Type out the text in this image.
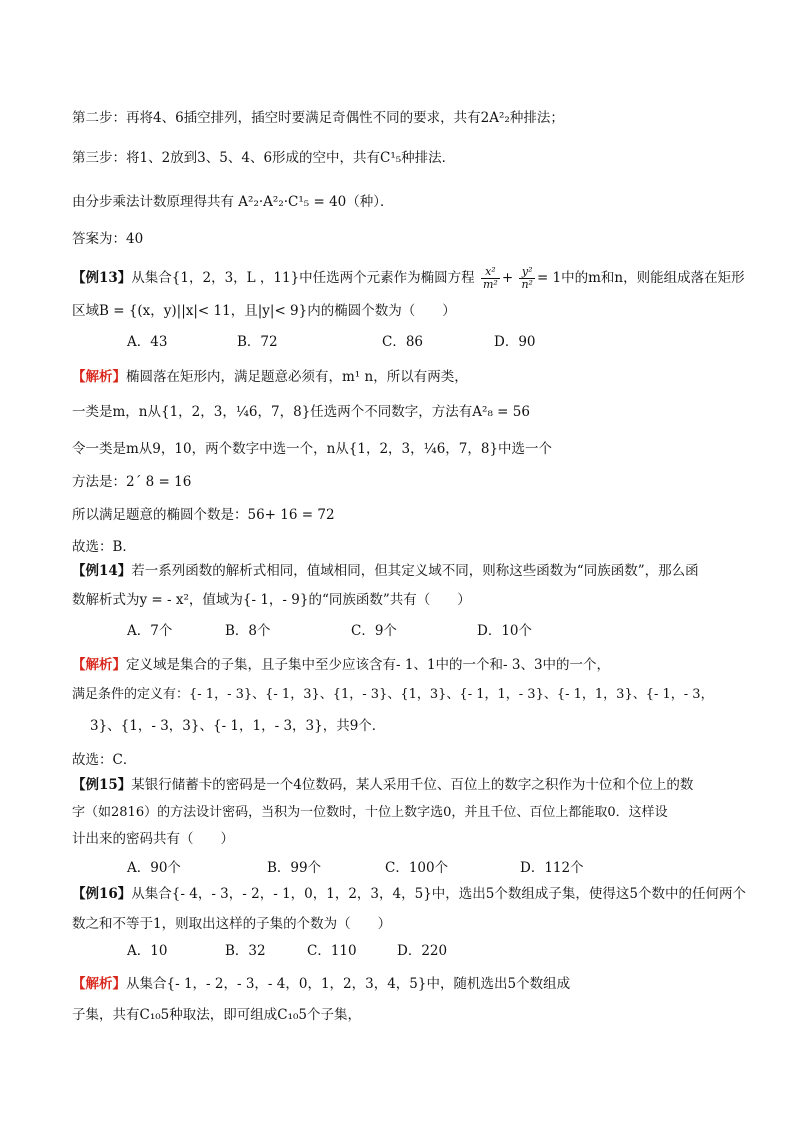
第二步：再将4、6插空排列，插空时要满足奇偶性不同的要求，共有2A²₂种排法；
第三步：将1、2放到3、5、4、6形成的空中，共有C¹₅种排法．
由分步乘法计数原理得共有 A²₂·A²₂·C¹₅ = 40（种）．
答案为：40
【例13】从集合{1，2，3，L ，11}中任选两个元素作为椭圆方程 $\frac{\text{x²}}{\text{m²}} + \frac{\text{y²}}{\text{n²}} = 1$中的m和n，则能组成落在矩形
区域B = {(x，y)||x|< 11，且|y|< 9}内的椭圆个数为（　　）
A．43	B．72	C．86	D．90
【解析】椭圆落在矩形内，满足题意必须有，m¹ n，所以有两类，
一类是m，n从{1，2，3，¼6，7，8}任选两个不同数字，方法有A²₈ = 56
令一类是m从9，10，两个数字中选一个，n从{1，2，3，¼6，7，8}中选一个
方法是：2´ 8 = 16
所以满足题意的椭圆个数是：56+ 16 = 72
故选：B．
【例14】若一系列函数的解析式相同，值域相同，但其定义域不同，则称这些函数为“同族函数”，那么函
数解析式为y = - x²，值域为{- 1，- 9}的“同族函数”共有（　　）
A．7个	B．8个	C．9个	D．10个
【解析】定义域是集合的子集，且子集中至少应该含有- 1、1中的一个和- 3、3中的一个，
满足条件的定义有：{- 1，- 3}、{- 1，3}、{1，- 3}、{1，3}、{- 1，1，- 3}、{- 1，1，3}、{- 1，- 3，
3}、{1，- 3，3}、{- 1，1，- 3，3}，共9个．
故选：C．
【例15】某银行储蓄卡的密码是一个4位数码，某人采用千位、百位上的数字之积作为十位和个位上的数
字（如2816）的方法设计密码，当积为一位数时，十位上数字选0，并且千位、百位上都能取0．这样设
计出来的密码共有（　　）
A．90个	B．99个	C．100个	D．112个
【例16】从集合{- 4，- 3，- 2，- 1，0，1，2，3，4，5}中，选出5个数组成子集，使得这5个数中的任何两个
数之和不等于1，则取出这样的子集的个数为（　　）
A．10	B．32	C．110	D．220
【解析】从集合{- 1，- 2，- 3，- 4，0，1，2，3，4，5}中，随机选出5个数组成
子集，共有C₁₀5种取法，即可组成C₁₀5个子集，
